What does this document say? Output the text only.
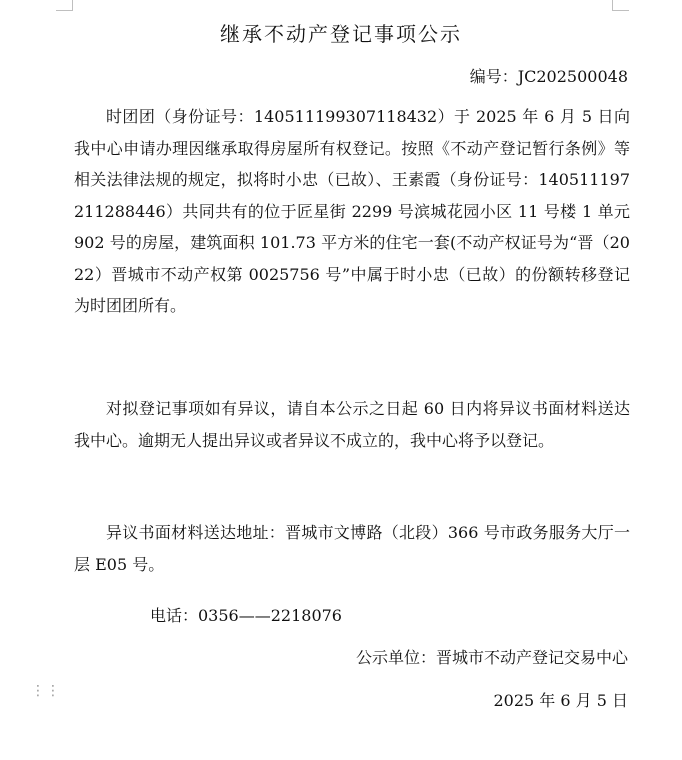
继承不动产登记事项公示
编号：JC202500048

时团团（身份证号：140511199307118432）于 2025 年 6 月 5 日向我中心申请办理因继承取得房屋所有权登记。按照《不动产登记暂行条例》等相关法律法规的规定，拟将时小忠（已故）、王素霞（身份证号：140511197211288446）共同共有的位于匠星街 2299 号滨城花园小区 11 号楼 1 单元 902 号的房屋，建筑面积 101.73 平方米的住宅一套(不动产权证号为“晋（2022）晋城市不动产权第 0025756 号”中属于时小忠（已故）的份额转移登记为时团团所有。

对拟登记事项如有异议，请自本公示之日起 60 日内将异议书面材料送达我中心。逾期无人提出异议或者异议不成立的，我中心将予以登记。

异议书面材料送达地址：晋城市文博路（北段）366 号市政务服务大厅一层 E05 号。

电话：0356——2218076
公示单位：晋城市不动产登记交易中心
⋮⋮	2025 年 6 月 5 日
